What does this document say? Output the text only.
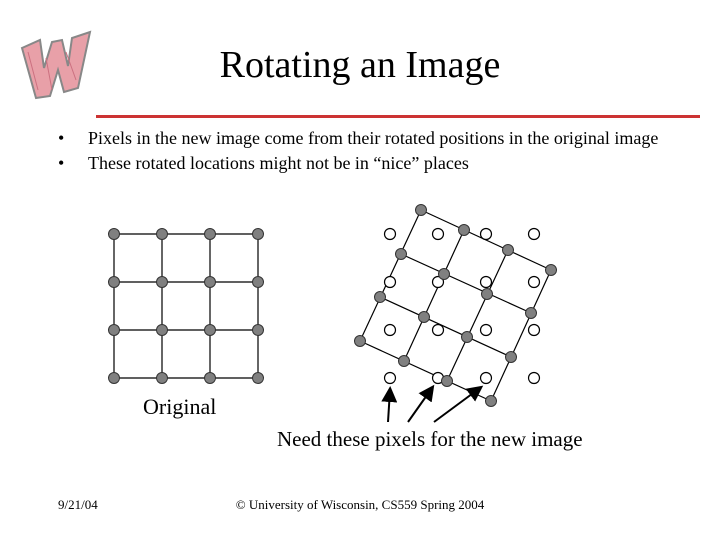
Rotating an Image
• Pixels in the new image come from their rotated positions in the original image
• These rotated locations might not be in “nice” places
Original
Need these pixels for the new image
9/21/04	© University of Wisconsin, CS559 Spring 2004
